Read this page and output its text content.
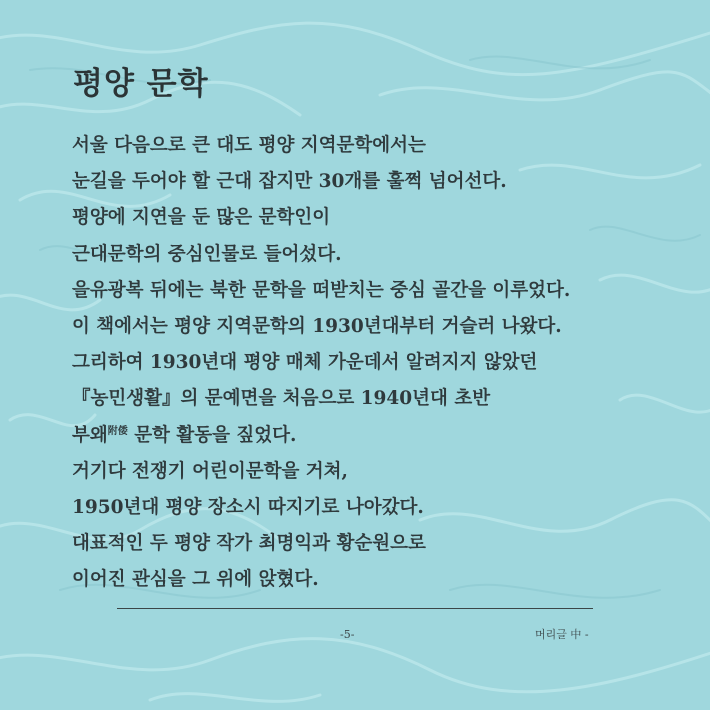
평양 문학
서울 다음으로 큰 대도 평양 지역문학에서는
눈길을 두어야 할 근대 잡지만 30개를 훌쩍 넘어선다.
평양에 지연을 둔 많은 문학인이
근대문학의 중심인물로 들어섰다.
을유광복 뒤에는 북한 문학을 떠받치는 중심 골간을 이루었다.
이 책에서는 평양 지역문학의 1930년대부터 거슬러 나왔다.
그리하여 1930년대 평양 매체 가운데서 알려지지 않았던
『농민생활』의 문예면을 처음으로 1940년대 초반
부왜$^{附倭}$ 문학 활동을 짚었다.
거기다 전쟁기 어린이문학을 거쳐,
1950년대 평양 장소시 따지기로 나아갔다.
대표적인 두 평양 작가 최명익과 황순원으로
이어진 관심을 그 위에 앉혔다.
-5-	머리글 中 -
